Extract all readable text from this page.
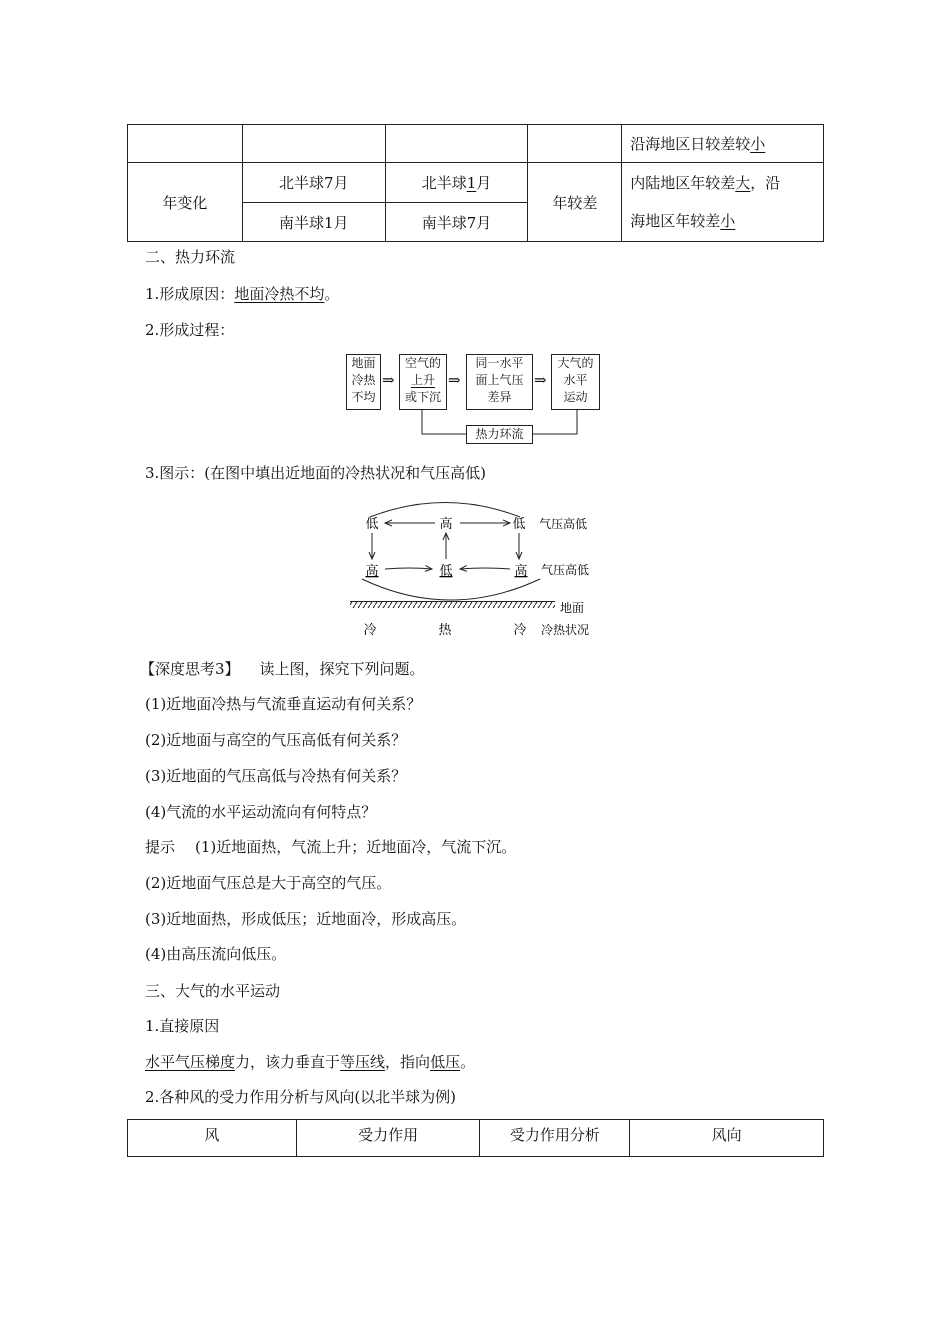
				沿海地区日较差较小
年变化	北半球7月	北半球1月	年较差	内陆地区年较差大，沿
海地区年较差小

	南半球1月	南半球7月		
二、热力环流
1.形成原因：地面冷热不均。
2.形成过程：
地面
冷热
不均
⇒
空气的
上升
或下沉
⇒
同一水平
面上气压
差异
⇒
大气的
水平
运动
热力环流
3.图示：(在图中填出近地面的冷热状况和气压高低)
低	高	低 气压高低
高	低	高 气压高低
地面
冷	热	冷 冷热状况
【深度思考3】 读上图，探究下列问题。
(1)近地面冷热与气流垂直运动有何关系？
(2)近地面与高空的气压高低有何关系？
(3)近地面的气压高低与冷热有何关系？
(4)气流的水平运动流向有何特点？
提示 (1)近地面热，气流上升；近地面冷，气流下沉。
(2)近地面气压总是大于高空的气压。
(3)近地面热，形成低压；近地面冷，形成高压。
(4)由高压流向低压。
三、大气的水平运动
1.直接原因
水平气压梯度力，该力垂直于等压线，指向低压。
2.各种风的受力作用分析与风向(以北半球为例)
风	受力作用	受力作用分析	风向
